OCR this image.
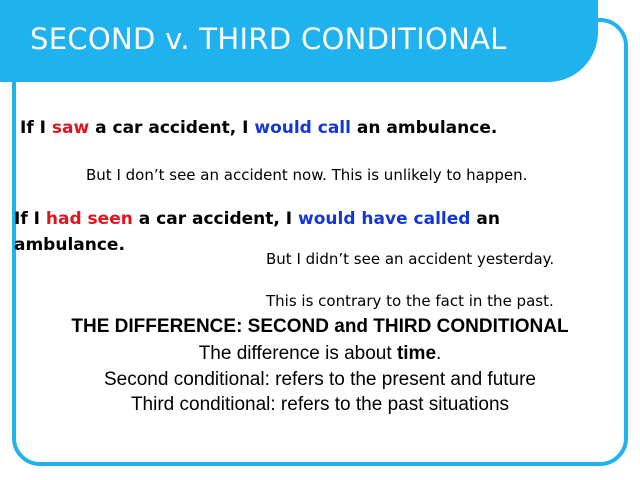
SECOND v. THIRD CONDITIONAL
If I saw a car accident, I would call an ambulance.
But I don’t see an accident now. This is unlikely to happen.
If I had seen a car accident, I would have called an ambulance.
But I didn’t see an accident yesterday.
This is contrary to the fact in the past.
THE DIFFERENCE: SECOND and THIRD CONDITIONAL
The difference is about time.
Second conditional: refers to the present and future
Third conditional: refers to the past situations
